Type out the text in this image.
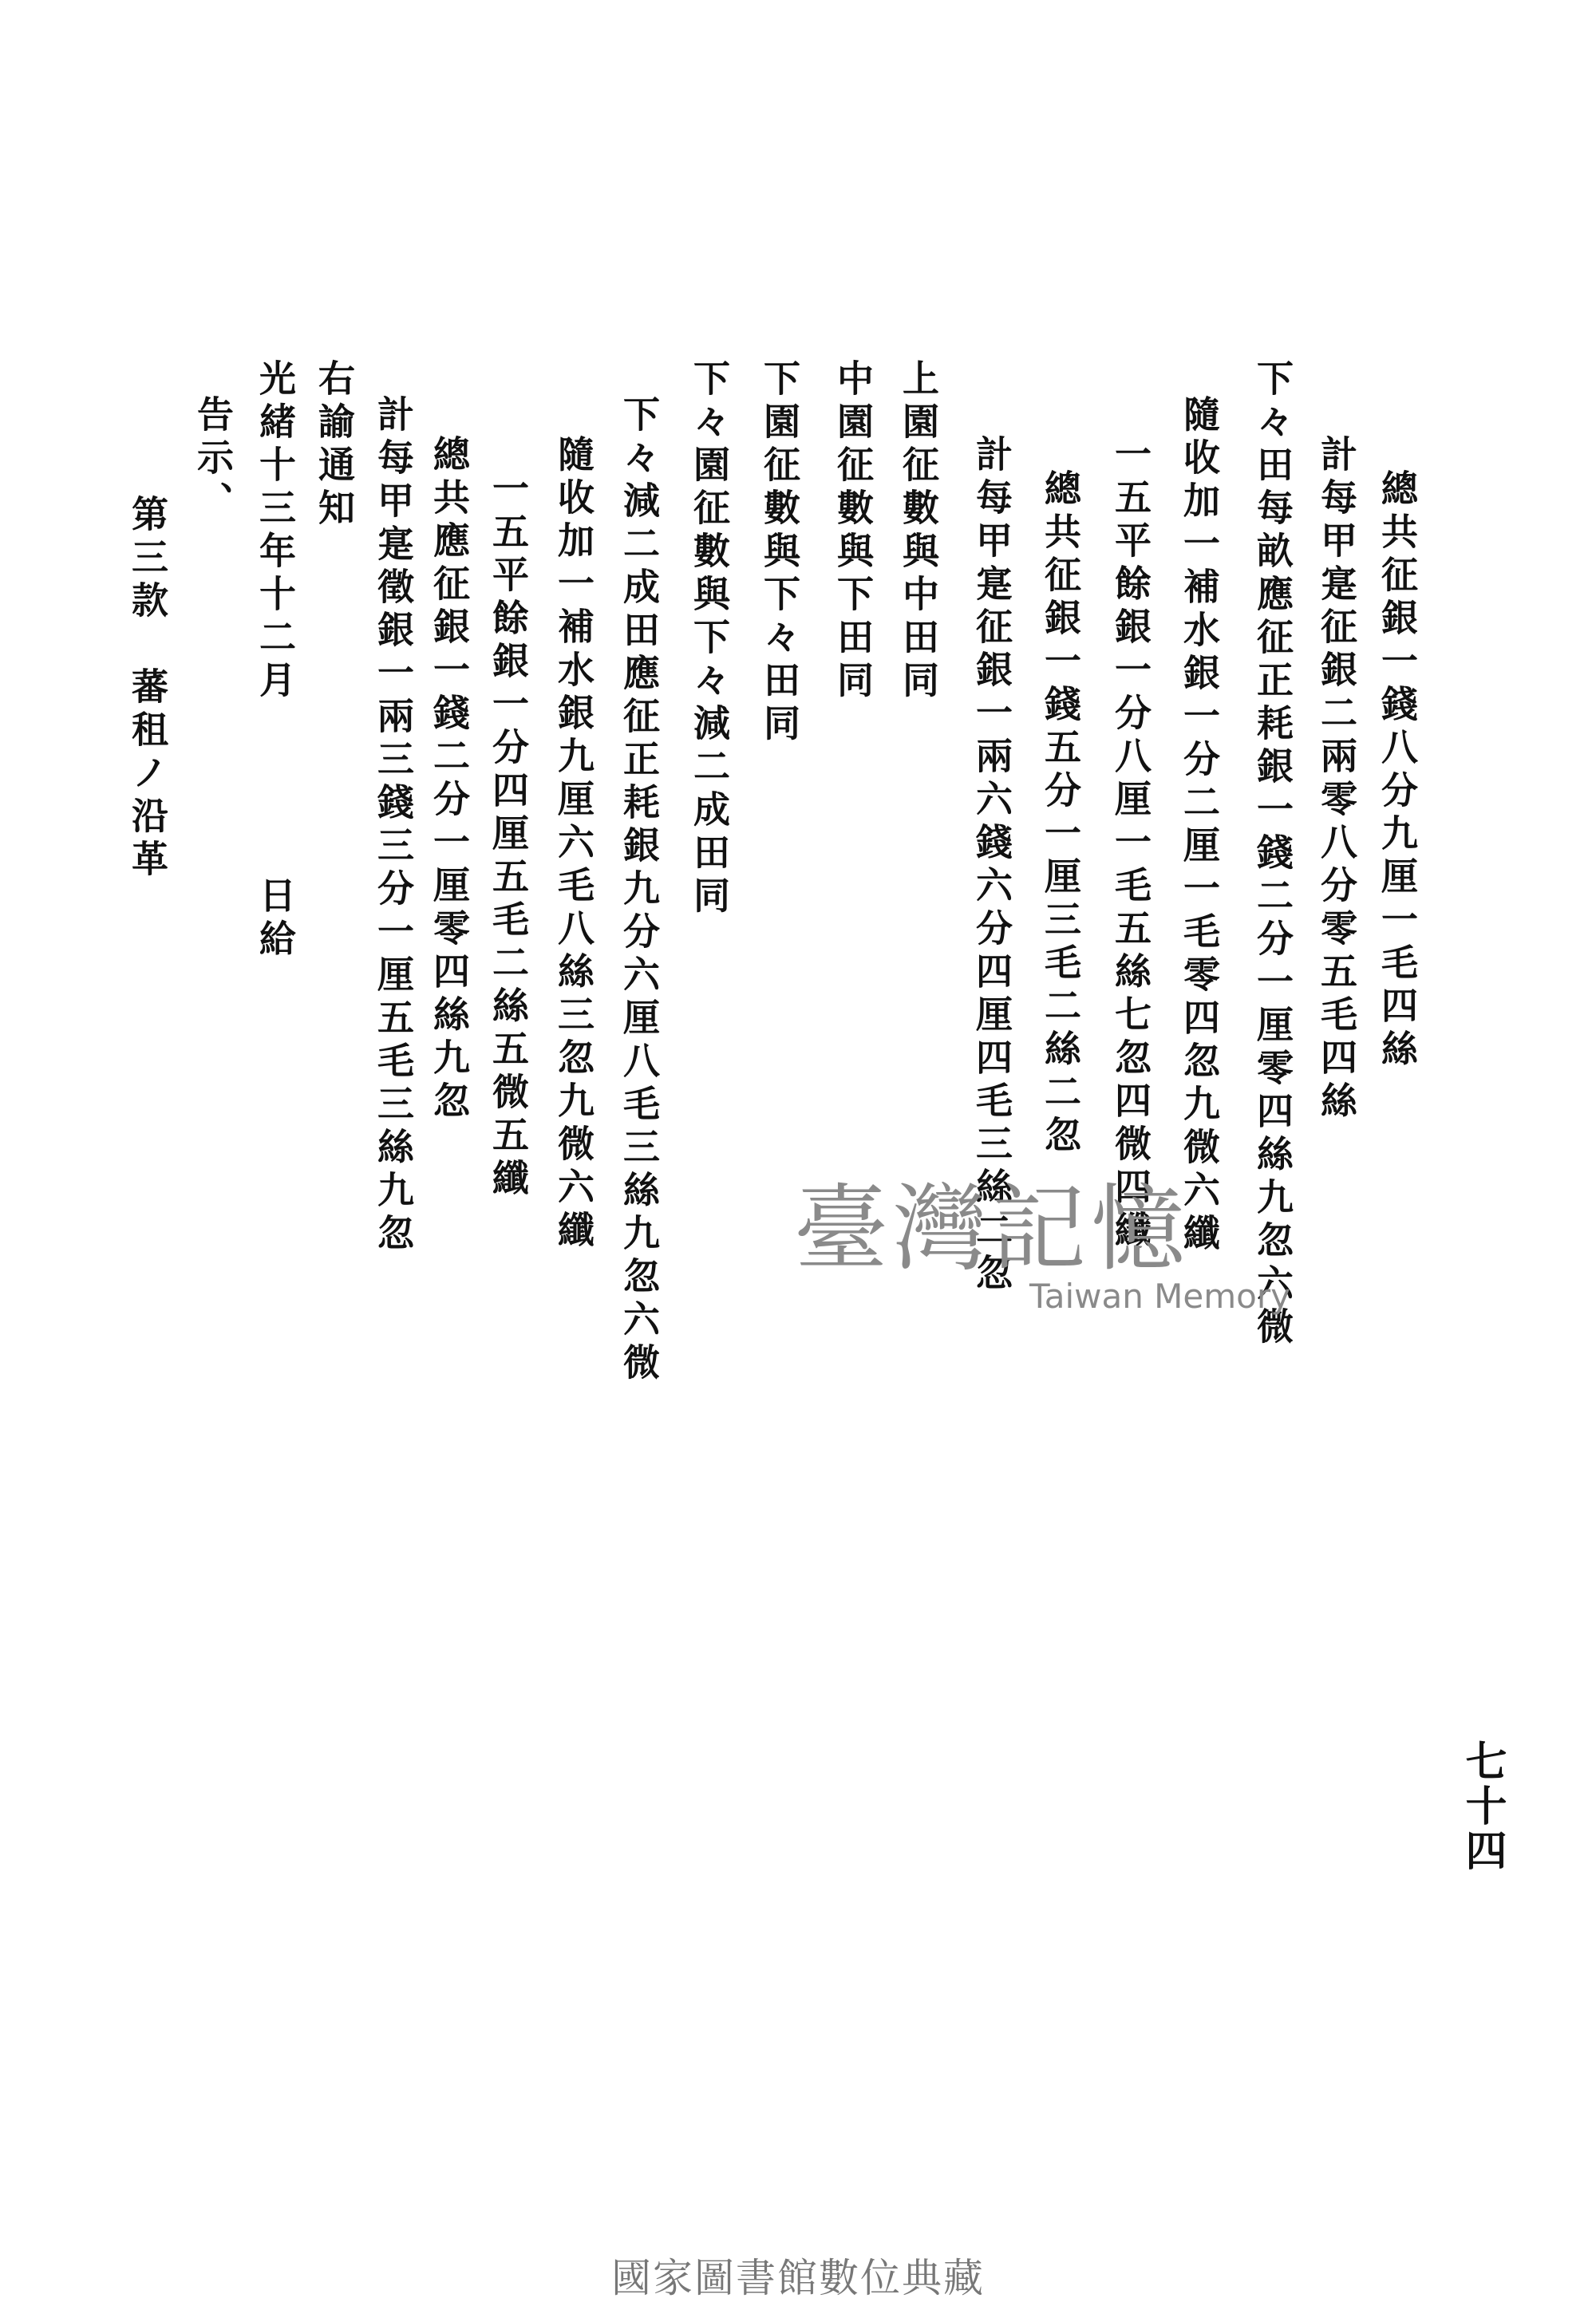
總共征銀一錢八分九厘一毛四絲
計每甲寔征銀二兩零八分零五毛四絲
下々田每畝應征正耗銀一錢二分一厘零四絲九忽六微
隨收加一補水銀一分二厘一毛零四忽九微六纖
一五平餘銀一分八厘一毛五絲七忽四微四纖
總共征銀一錢五分一厘三毛二絲二忽
計每甲寔征銀一兩六錢六分四厘四毛三絲二忽
上園征數與中田同
中園征數與下田同
下園征數與下々田同
下々園征數與下々減二成田同
下々減二成田應征正耗銀九分六厘八毛三絲九忽六微
隨收加一補水銀九厘六毛八絲三忽九微六纖
一五平餘銀一分四厘五毛二絲五微五纖
總共應征銀一錢二分一厘零四絲九忽
計每甲寔徵銀一兩三錢三分一厘五毛三絲九忽
右諭通知
光緒十三年十二月　　　　日給
告示、
第三款　蕃租ノ沿革
七十四
臺灣記憶
Taiwan Memory
國家圖書館數位典藏
